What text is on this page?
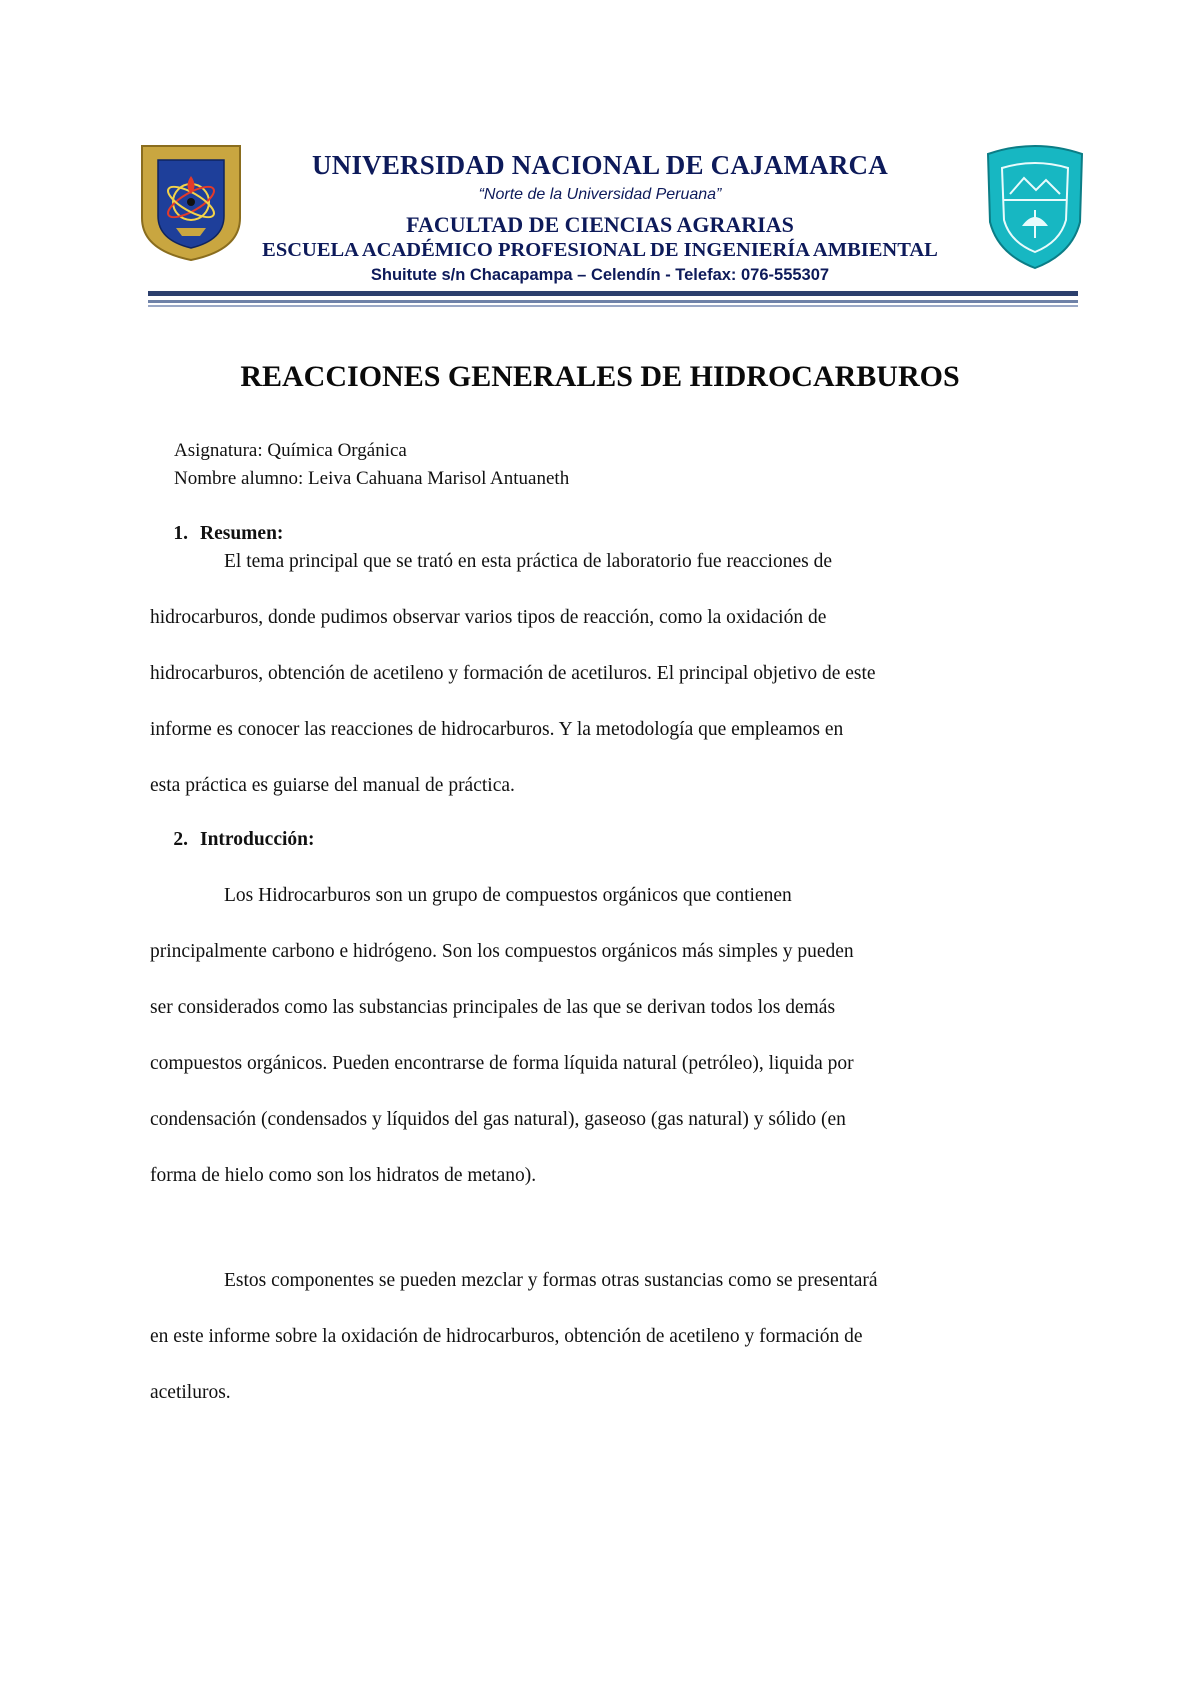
UNIVERSIDAD NACIONAL DE CAJAMARCA
“Norte de la Universidad Peruana”
FACULTAD DE CIENCIAS AGRARIAS
ESCUELA ACADÉMICO PROFESIONAL DE INGENIERÍA AMBIENTAL
Shuitute s/n Chacapampa – Celendín - Telefax: 076-555307
REACCIONES GENERALES DE HIDROCARBUROS
Asignatura: Química Orgánica
Nombre alumno: Leiva Cahuana Marisol Antuaneth
1. Resumen:
El tema principal que se trató en esta práctica de laboratorio fue reacciones de
hidrocarburos, donde pudimos observar varios tipos de reacción, como la oxidación de
hidrocarburos, obtención de acetileno y formación de acetiluros. El principal objetivo de este
informe es conocer las reacciones de hidrocarburos. Y la metodología que empleamos en
esta práctica es guiarse del manual de práctica.
2. Introducción:
Los Hidrocarburos son un grupo de compuestos orgánicos que contienen
principalmente carbono e hidrógeno. Son los compuestos orgánicos más simples y pueden
ser considerados como las substancias principales de las que se derivan todos los demás
compuestos orgánicos. Pueden encontrarse de forma líquida natural (petróleo), liquida por
condensación (condensados y líquidos del gas natural), gaseoso (gas natural) y sólido (en
forma de hielo como son los hidratos de metano).
Estos componentes se pueden mezclar y formas otras sustancias como se presentará
en este informe sobre la oxidación de hidrocarburos, obtención de acetileno y formación de
acetiluros.
